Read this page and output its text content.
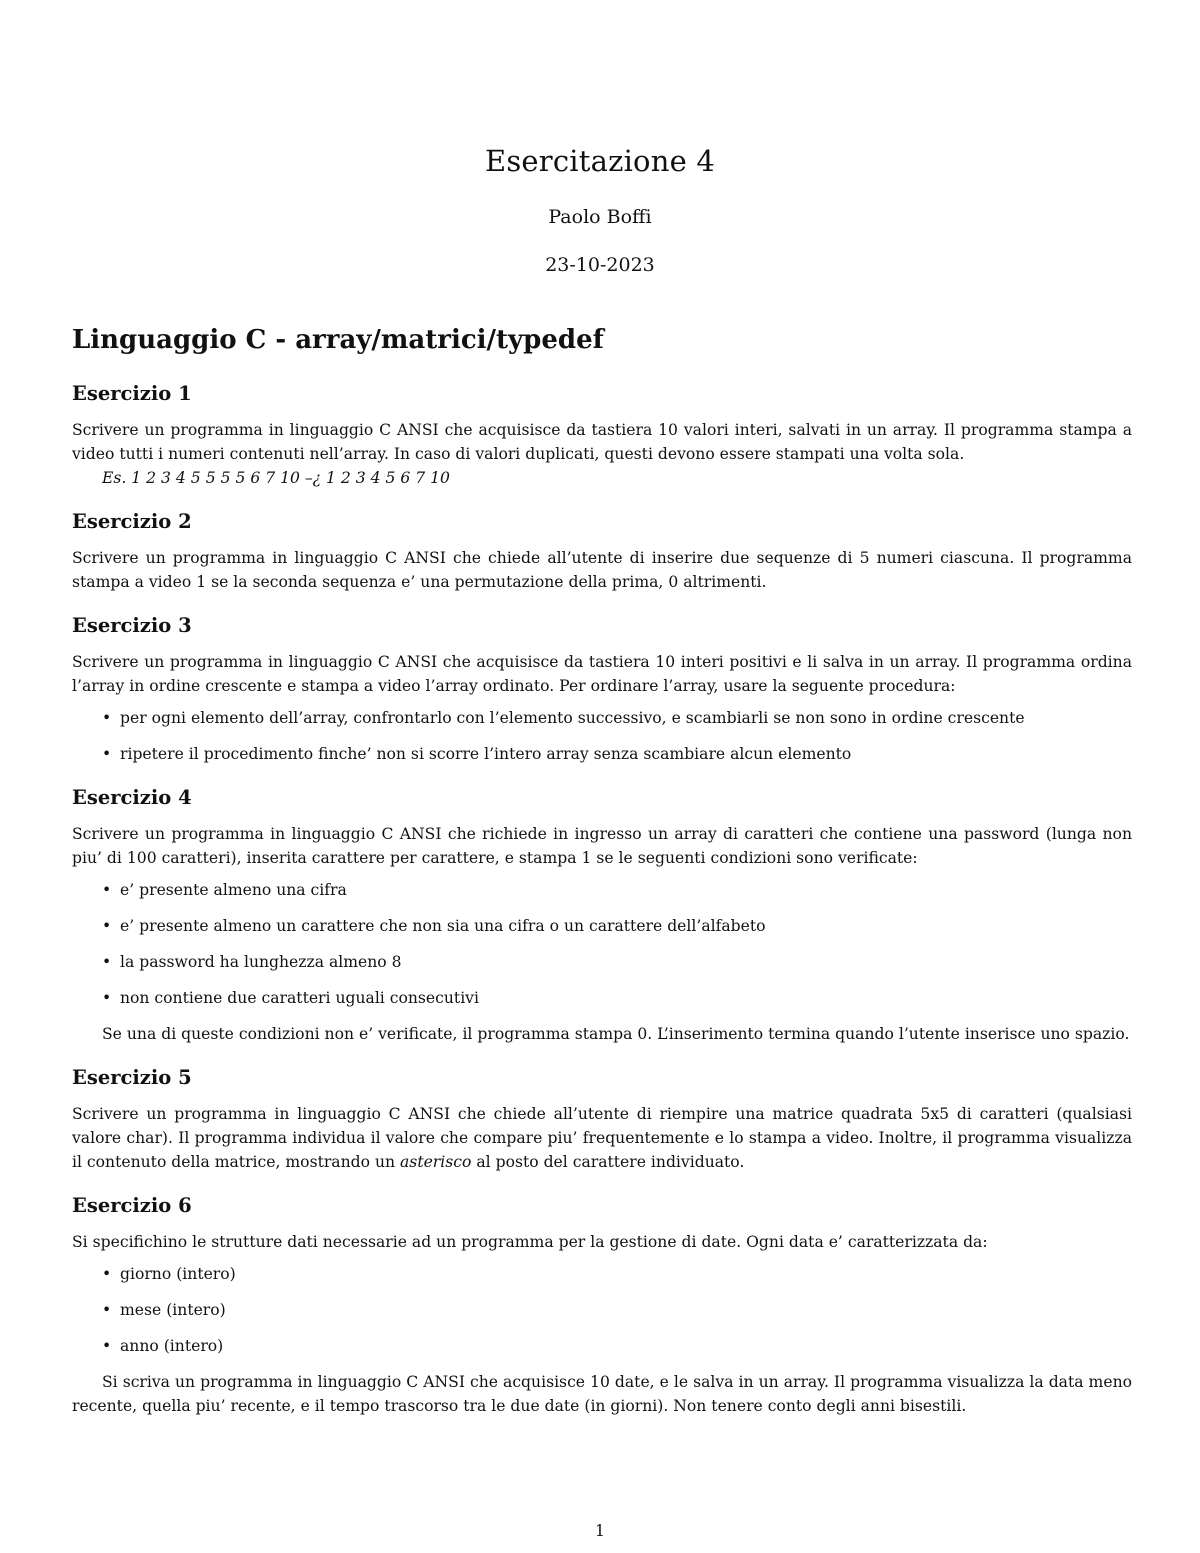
Esercitazione 4
Paolo Boffi
23-10-2023
Linguaggio C - array/matrici/typedef
Esercizio 1

Scrivere un programma in linguaggio C ANSI che acquisisce da tastiera 10 valori interi, salvati in un array. Il programma stampa a video tutti i numeri contenuti nell’array. In caso di valori duplicati, questi devono essere stampati una volta sola.

Es. 1 2 3 4 5 5 5 5 6 7 10 –¿ 1 2 3 4 5 6 7 10

Esercizio 2

Scrivere un programma in linguaggio C ANSI che chiede all’utente di inserire due sequenze di 5 numeri ciascuna. Il programma stampa a video 1 se la seconda sequenza e’ una permutazione della prima, 0 altrimenti.

Esercizio 3

Scrivere un programma in linguaggio C ANSI che acquisisce da tastiera 10 interi positivi e li salva in un array. Il programma ordina l’array in ordine crescente e stampa a video l’array ordinato. Per ordinare l’array, usare la seguente procedura:

• per ogni elemento dell’array, confrontarlo con l’elemento successivo, e scambiarli se non sono in ordine crescente
• ripetere il procedimento finche’ non si scorre l’intero array senza scambiare alcun elemento
Esercizio 4

Scrivere un programma in linguaggio C ANSI che richiede in ingresso un array di caratteri che contiene una password (lunga non piu’ di 100 caratteri), inserita carattere per carattere, e stampa 1 se le seguenti condizioni sono verificate:

• e’ presente almeno una cifra
• e’ presente almeno un carattere che non sia una cifra o un carattere dell’alfabeto
• la password ha lunghezza almeno 8
• non contiene due caratteri uguali consecutivi

Se una di queste condizioni non e’ verificate, il programma stampa 0. L’inserimento termina quando l’utente inserisce uno spazio.

Esercizio 5

Scrivere un programma in linguaggio C ANSI che chiede all’utente di riempire una matrice quadrata 5x5 di caratteri (qualsiasi valore char). Il programma individua il valore che compare piu’ frequentemente e lo stampa a video. Inoltre, il programma visualizza il contenuto della matrice, mostrando un asterisco al posto del carattere individuato.

Esercizio 6

Si specifichino le strutture dati necessarie ad un programma per la gestione di date. Ogni data e’ caratterizzata da:

• giorno (intero)
• mese (intero)
• anno (intero)

Si scriva un programma in linguaggio C ANSI che acquisisce 10 date, e le salva in un array. Il programma visualizza la data meno recente, quella piu’ recente, e il tempo trascorso tra le due date (in giorni). Non tenere conto degli anni bisestili.

1
